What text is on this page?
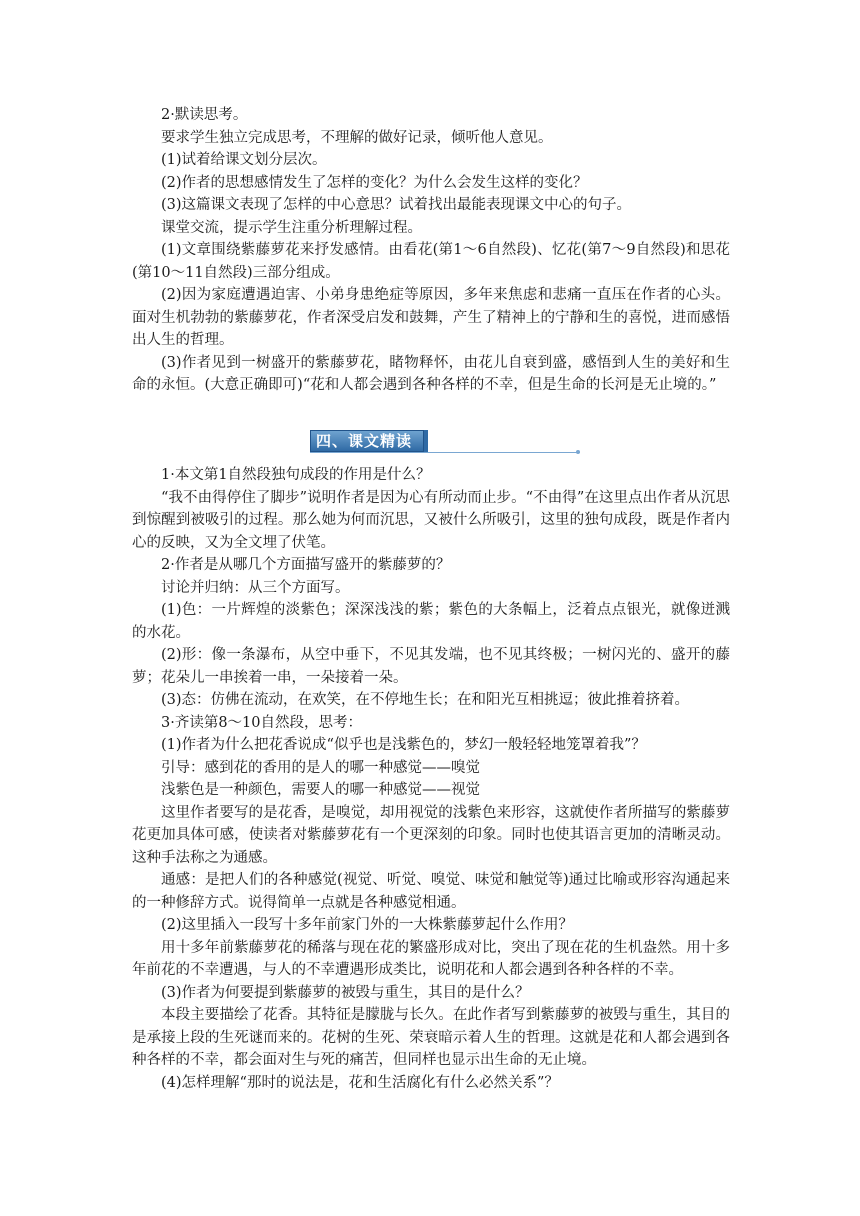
2·默读思考。
要求学生独立完成思考，不理解的做好记录，倾听他人意见。
(1)试着给课文划分层次。
(2)作者的思想感情发生了怎样的变化？为什么会发生这样的变化？
(3)这篇课文表现了怎样的中心意思？试着找出最能表现课文中心的句子。
课堂交流，提示学生注重分析理解过程。
(1)文章围绕紫藤萝花来抒发感情。由看花(第1～6自然段)、忆花(第7～9自然段)和思花(第10～11自然段)三部分组成。
(2)因为家庭遭遇迫害、小弟身患绝症等原因，多年来焦虑和悲痛一直压在作者的心头。面对生机勃勃的紫藤萝花，作者深受启发和鼓舞，产生了精神上的宁静和生的喜悦，进而感悟出人生的哲理。
(3)作者见到一树盛开的紫藤萝花，睹物释怀，由花儿自衰到盛，感悟到人生的美好和生命的永恒。(大意正确即可)“花和人都会遇到各种各样的不幸，但是生命的长河是无止境的。”
四、课文精读
1·本文第1自然段独句成段的作用是什么？
“我不由得停住了脚步”说明作者是因为心有所动而止步。“不由得”在这里点出作者从沉思到惊醒到被吸引的过程。那么她为何而沉思，又被什么所吸引，这里的独句成段，既是作者内心的反映，又为全文埋了伏笔。
2·作者是从哪几个方面描写盛开的紫藤萝的？
讨论并归纳：从三个方面写。
(1)色：一片辉煌的淡紫色；深深浅浅的紫；紫色的大条幅上，泛着点点银光，就像迸溅的水花。
(2)形：像一条瀑布，从空中垂下，不见其发端，也不见其终极；一树闪光的、盛开的藤萝；花朵儿一串挨着一串，一朵接着一朵。
(3)态：仿佛在流动，在欢笑，在不停地生长；在和阳光互相挑逗；彼此推着挤着。
3·齐读第8～10自然段，思考：
(1)作者为什么把花香说成“似乎也是浅紫色的，梦幻一般轻轻地笼罩着我”？
引导：感到花的香用的是人的哪一种感觉——嗅觉
浅紫色是一种颜色，需要人的哪一种感觉——视觉
这里作者要写的是花香，是嗅觉，却用视觉的浅紫色来形容，这就使作者所描写的紫藤萝花更加具体可感，使读者对紫藤萝花有一个更深刻的印象。同时也使其语言更加的清晰灵动。这种手法称之为通感。
通感：是把人们的各种感觉(视觉、听觉、嗅觉、味觉和触觉等)通过比喻或形容沟通起来的一种修辞方式。说得简单一点就是各种感觉相通。
(2)这里插入一段写十多年前家门外的一大株紫藤萝起什么作用？
用十多年前紫藤萝花的稀落与现在花的繁盛形成对比，突出了现在花的生机盎然。用十多年前花的不幸遭遇，与人的不幸遭遇形成类比，说明花和人都会遇到各种各样的不幸。
(3)作者为何要提到紫藤萝的被毁与重生，其目的是什么？
本段主要描绘了花香。其特征是朦胧与长久。在此作者写到紫藤萝的被毁与重生，其目的是承接上段的生死谜而来的。花树的生死、荣衰暗示着人生的哲理。这就是花和人都会遇到各种各样的不幸，都会面对生与死的痛苦，但同样也显示出生命的无止境。
(4)怎样理解“那时的说法是，花和生活腐化有什么必然关系”？
